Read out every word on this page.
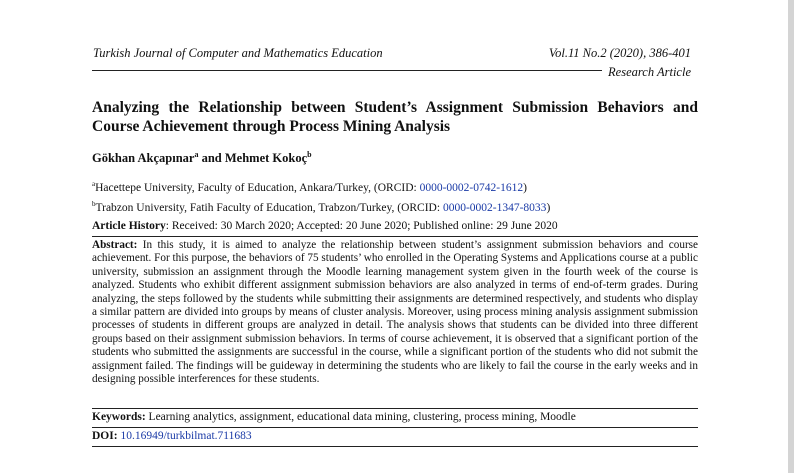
Turkish Journal of Computer and Mathematics Education	Vol.11 No.2 (2020), 386-401
Research Article
Analyzing the Relationship between Student’s Assignment Submission Behaviors and Course Achievement through Process Mining Analysis
Gökhan Akçapınar$^a$ and Mehmet Kokoç$^b$
$^a$Hacettepe University, Faculty of Education, Ankara/Turkey, (ORCID: 0000-0002-0742-1612)
$^b$Trabzon University, Fatih Faculty of Education, Trabzon/Turkey, (ORCID: 0000-0002-1347-8033)
Article History: Received: 30 March 2020; Accepted: 20 June 2020; Published online: 29 June 2020

Abstract: In this study, it is aimed to analyze the relationship between student’s assignment submission behaviors and course achievement. For this purpose, the behaviors of 75 students’ who enrolled in the Operating Systems and Applications course at a public university, submission an assignment through the Moodle learning management system given in the fourth week of the course is analyzed. Students who exhibit different assignment submission behaviors are also analyzed in terms of end-of-term grades. During analyzing, the steps followed by the students while submitting their assignments are determined respectively, and students who display a similar pattern are divided into groups by means of cluster analysis. Moreover, using process mining analysis assignment submission processes of students in different groups are analyzed in detail. The analysis shows that students can be divided into three different groups based on their assignment submission behaviors. In terms of course achievement, it is observed that a significant portion of the students who submitted the assignments are successful in the course, while a significant portion of the students who did not submit the assignment failed. The findings will be guideway in determining the students who are likely to fail the course in the early weeks and in designing possible interferences for these students.

Keywords: Learning analytics, assignment, educational data mining, clustering, process mining, Moodle
DOI: 10.16949/turkbilmat.711683
